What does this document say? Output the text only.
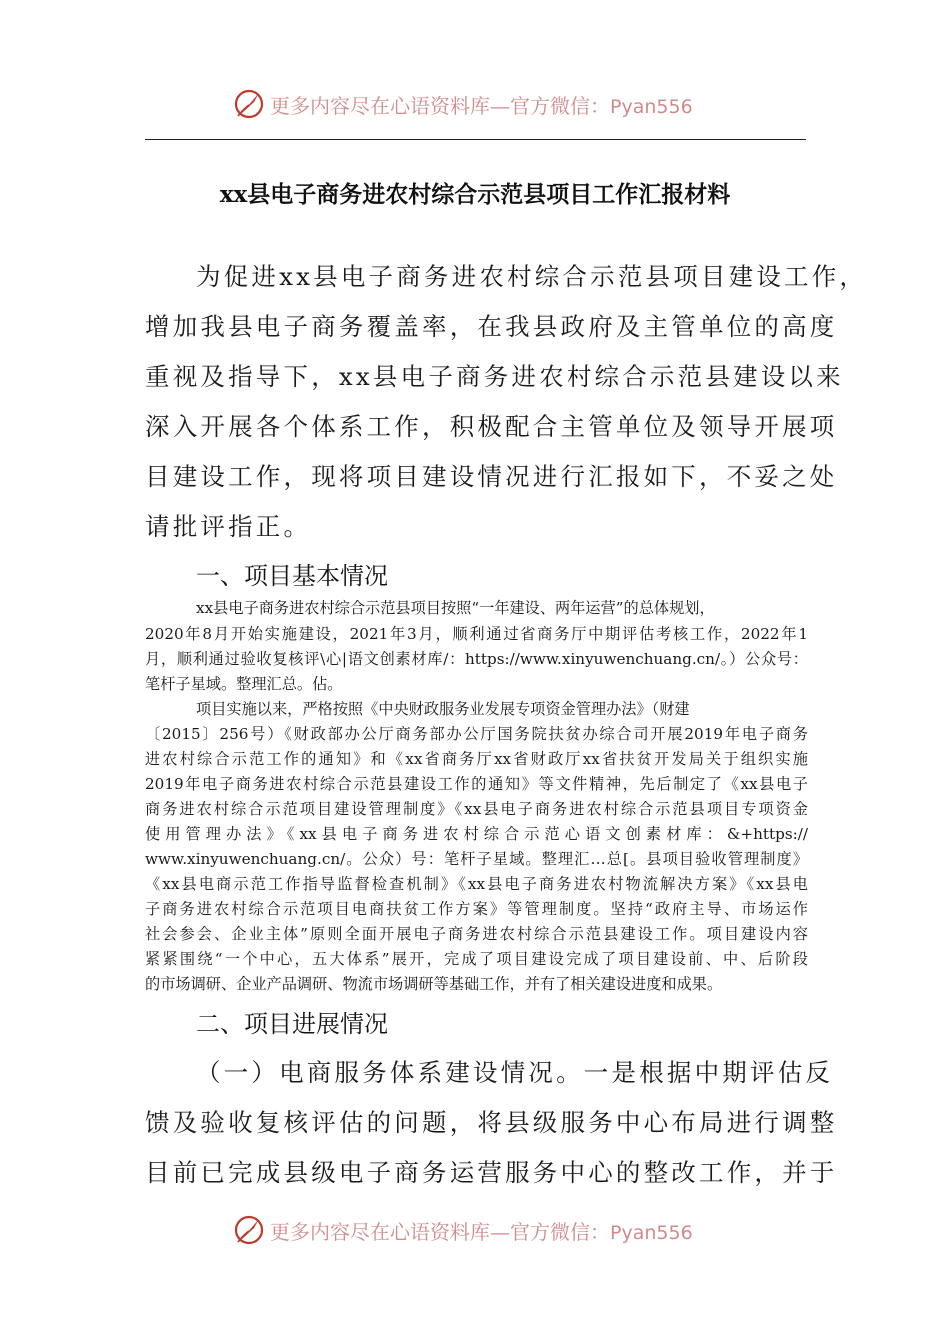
更多内容尽在心语资料库—官方微信：Pyan556
xx县电子商务进农村综合示范县项目工作汇报材料
为促进xx县电子商务进农村综合示范县项目建设工作，
增加我县电子商务覆盖率，在我县政府及主管单位的高度
重视及指导下，xx县电子商务进农村综合示范县建设以来
深入开展各个体系工作，积极配合主管单位及领导开展项
目建设工作，现将项目建设情况进行汇报如下，不妥之处
请批评指正。
一、项目基本情况
xx县电子商务进农村综合示范县项目按照“一年建设、两年运营”的总体规划，
2020年8月开始实施建设，2021年3月，顺利通过省商务厅中期评估考核工作，2022年1
月，顺利通过验收复核评\心|语文创素材库/：https://www.xinyuwenchuang.cn/。）公众号：
笔杆子星域。整理汇总。佔。
项目实施以来，严格按照《中央财政服务业发展专项资金管理办法》（财建
〔2015〕256号）《财政部办公厅商务部办公厅国务院扶贫办综合司开展2019年电子商务
进农村综合示范工作的通知》和《xx省商务厅xx省财政厅xx省扶贫开发局关于组织实施
2019年电子商务进农村综合示范县建设工作的通知》等文件精神，先后制定了《xx县电子
商务进农村综合示范项目建设管理制度》《xx县电子商务进农村综合示范县项目专项资金
使用管理办法》《xx县电子商务进农村综合示范心语文创素材库：&+https://
www.xinyuwenchuang.cn/。公众）号：笔杆子星域。整理汇…总[。县项目验收管理制度》
《xx县电商示范工作指导监督检查机制》《xx县电子商务进农村物流解决方案》《xx县电
子商务进农村综合示范项目电商扶贫工作方案》等管理制度。坚持“政府主导、市场运作
社会参会、企业主体”原则全面开展电子商务进农村综合示范县建设工作。项目建设内容
紧紧围绕“一个中心，五大体系”展开，完成了项目建设完成了项目建设前、中、后阶段
的市场调研、企业产品调研、物流市场调研等基础工作，并有了相关建设进度和成果。
二、项目进展情况
（一）电商服务体系建设情况。一是根据中期评估反
馈及验收复核评估的问题，将县级服务中心布局进行调整
目前已完成县级电子商务运营服务中心的整改工作，并于
更多内容尽在心语资料库—官方微信：Pyan556
